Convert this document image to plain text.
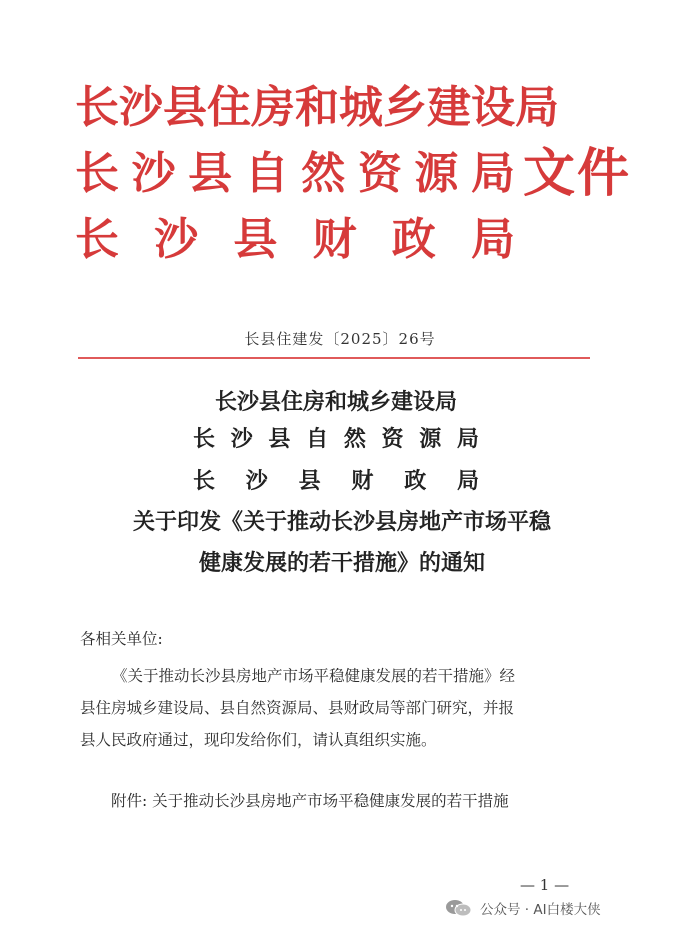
长 沙 县 住 房 和 城 乡 建 设 局
长 沙 县 自 然 资 源 局
长 沙 县 财 政 局
文件
长县住建发〔2025〕26号
长沙县住房和城乡建设局
长 沙 县 自 然 资 源 局
长 沙 县 财 政 局
关于印发《关于推动长沙县房地产市场平稳
健康发展的若干措施》的通知
各相关单位:
《关于推动长沙县房地产市场平稳健康发展的若干措施》经
县住房城乡建设局、县自然资源局、县财政局等部门研究，并报
县人民政府通过，现印发给你们，请认真组织实施。
附件: 关于推动长沙县房地产市场平稳健康发展的若干措施
— 1 —
公众号 · AI白楼大侠
